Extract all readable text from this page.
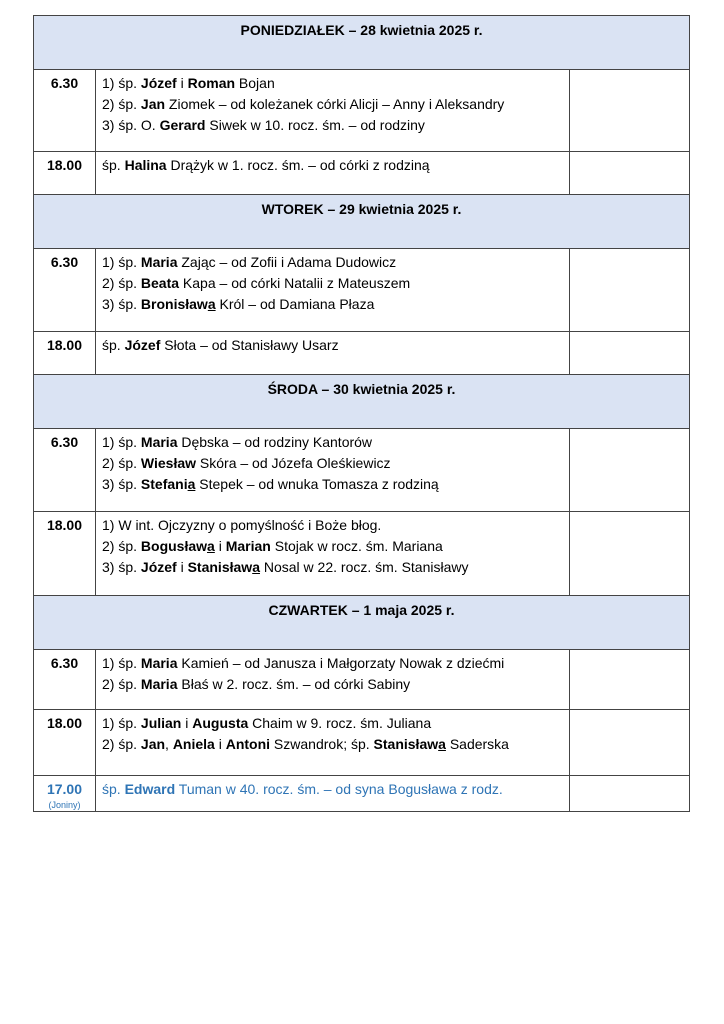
PONIEDZIAŁEK – 28 kwietnia 2025 r.		
6.30	1) śp. Józef i Roman Bojan
2) śp. Jan Ziomek – od koleżanek córki Alicji – Anny i Aleksandry
3) śp. O. Gerard Siwek w 10. rocz. śm. – od rodziny	

18.00	śp. Halina Drążyk w 1. rocz. śm. – od córki z rodziną	

WTOREK – 29 kwietnia 2025 r.		
6.30	1) śp. Maria Zając – od Zofii i Adama Dudowicz
2) śp. Beata Kapa – od córki Natalii z Mateuszem
3) śp. Bronisława Król – od Damiana Płaza	

18.00	śp. Józef Słota – od Stanisławy Usarz	

ŚRODA – 30 kwietnia 2025 r.		
6.30	1) śp. Maria Dębska – od rodziny Kantorów
2) śp. Wiesław Skóra – od Józefa Oleśkiewicz
3) śp. Stefania Stepek – od wnuka Tomasza z rodziną	

18.00	1) W int. Ojczyzny o pomyślność i Boże błog.
2) śp. Bogusława i Marian Stojak w rocz. śm. Mariana
3) śp. Józef i Stanisława Nosal w 22. rocz. śm. Stanisławy	

CZWARTEK – 1 maja 2025 r.		
6.30	1) śp. Maria Kamień – od Janusza i Małgorzaty Nowak z dziećmi
2) śp. Maria Błaś w 2. rocz. śm. – od córki Sabiny	

18.00	1) śp. Julian i Augusta Chaim w 9. rocz. śm. Juliana
2) śp. Jan, Aniela i Antoni Szwandrok; śp. Stanisława Saderska	

17.00
(Joniny)	śp. Edward Tuman w 40. rocz. śm. – od syna Bogusława z rodz.	
